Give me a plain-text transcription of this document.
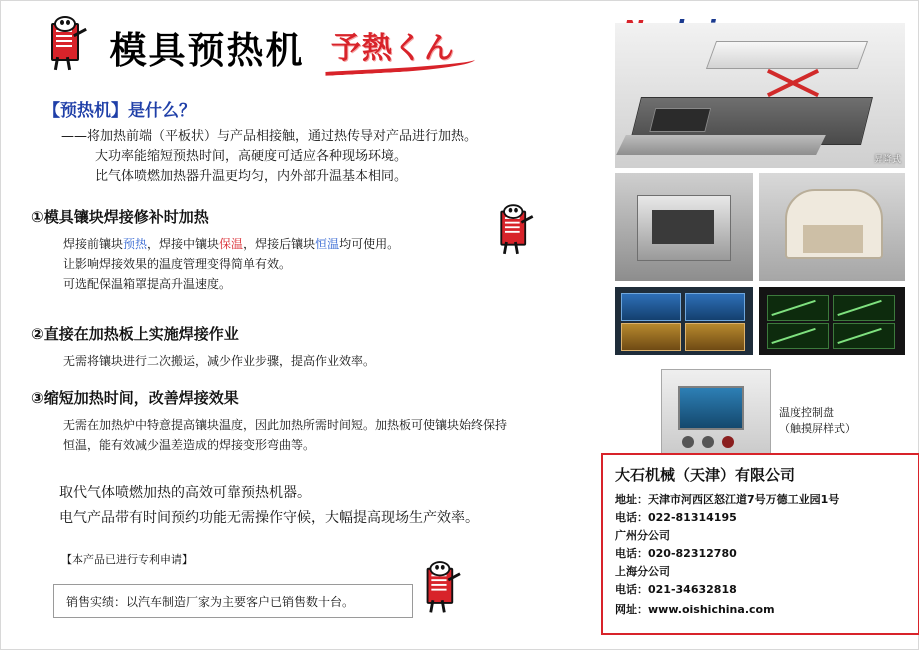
模具预热机 予熱くん
【预热机】是什么？
——将加热前端（平板状）与产品相接触，通过热传导对产品进行加热。
大功率能缩短预热时间，高硬度可适应各种现场环境。
比气体喷燃加热器升温更均匀，内外部升温基本相同。
①模具镶块焊接修补时加热
焊接前镶块预热，焊接中镶块保温，焊接后镶块恒温均可使用。
让影响焊接效果的温度管理变得简单有效。
可选配保温箱罩提高升温速度。
②直接在加热板上实施焊接作业
无需将镶块进行二次搬运，减少作业步骤，提高作业效率。
③缩短加热时间，改善焊接效果
无需在加热炉中特意提高镶块温度，因此加热所需时间短。加热板可使镶块始终保持
恒温，能有效减少温差造成的焊接变形弯曲等。
取代气体喷燃加热的高效可靠预热机器。
电气产品带有时间预约功能无需操作守候，大幅提高现场生产效率。
【本产品已进行专利申请】
销售实绩：以汽车制造厂家为主要客户已销售数十台。
昇降式
温度控制盘
（触摸屏样式）
大石机械（天津）有限公司
地址：天津市河西区怒江道7号万德工业园1号
电话：022-81314195
广州分公司
电话：020-82312780
上海分公司
电话：021-34632818
网址：www.oishichina.com
